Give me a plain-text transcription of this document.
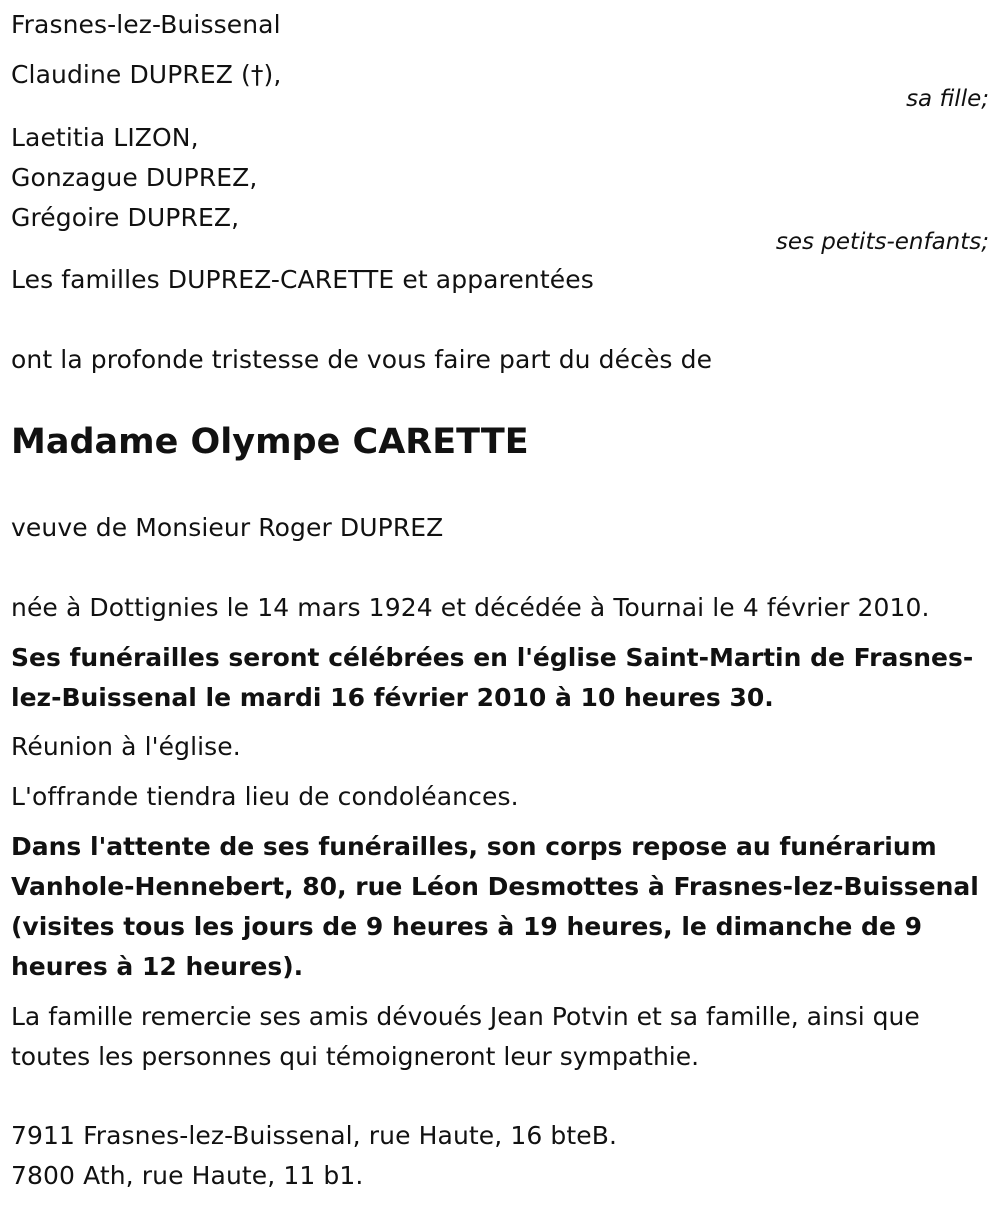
Frasnes-lez-Buissenal
Claudine DUPREZ (†),
sa fille;
Laetitia LIZON,
Gonzague DUPREZ,
Grégoire DUPREZ,
ses petits-enfants;
Les familles DUPREZ-CARETTE et apparentées
ont la profonde tristesse de vous faire part du décès de
Madame Olympe CARETTE
veuve de Monsieur Roger DUPREZ
née à Dottignies le 14 mars 1924 et décédée à Tournai le 4 février 2010.
Ses funérailles seront célébrées en l'église Saint-Martin de Frasnes-lez-Buissenal le mardi 16 février 2010 à 10 heures 30.
Réunion à l'église.
L'offrande tiendra lieu de condoléances.
Dans l'attente de ses funérailles, son corps repose au funérarium Vanhole-Hennebert, 80, rue Léon Desmottes à Frasnes-lez-Buissenal (visites tous les jours de 9 heures à 19 heures, le dimanche de 9 heures à 12 heures).
La famille remercie ses amis dévoués Jean Potvin et sa famille, ainsi que toutes les personnes qui témoigneront leur sympathie.
7911 Frasnes-lez-Buissenal, rue Haute, 16 bteB.
7800 Ath, rue Haute, 11 b1.
